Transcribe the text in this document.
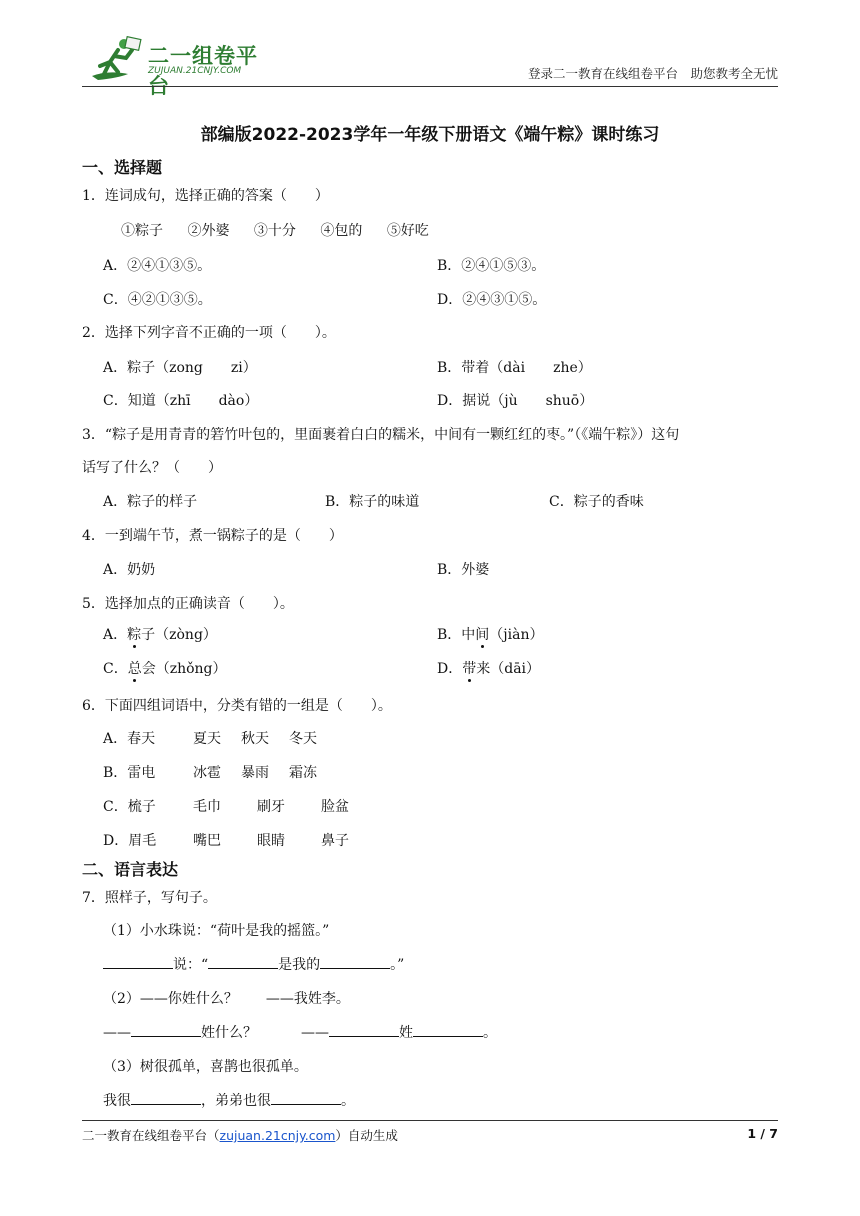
二一组卷平台
ZUJUAN.21CNJY.COM	登录二一教育在线组卷平台　助您教考全无忧
部编版2022-2023学年一年级下册语文《端午粽》课时练习
一、选择题
1．连词成句，选择正确的答案（　　）
①粽子 ②外婆 ③十分 ④包的 ⑤好吃
A．②④①③⑤。	B．②④①⑤③。
C．④②①③⑤。	D．②④③①⑤。
2．选择下列字音不正确的一项（　　）。
A．粽子（zong　　zi）	B．带着（dài　　zhe）
C．知道（zhī　　dào）	D．据说（jù　　shuō）
3．“粽子是用青青的箬竹叶包的，里面裹着白白的糯米，中间有一颗红红的枣。”（《端午粽》）这句
话写了什么？（　　）
A．粽子的样子	B．粽子的味道	C．粽子的香味
4．一到端午节，煮一锅粽子的是（　　）
A．奶奶	B．外婆
5．选择加点的正确读音（　　）。
A．粽子（zòng）	B．中间（jiàn）
C．总会（zhǒng）	D．带来（dāi）
6．下面四组词语中，分类有错的一组是（　　）。
A．春天	夏天 秋天 冬天
B．雷电	冰雹 暴雨 霜冻
C．梳子	毛巾	刷牙	脸盆
D．眉毛	嘴巴	眼睛	鼻子
二、语言表达
7．照样子，写句子。
（1）小水珠说：“荷叶是我的摇篮。”
说：“	是我的	。”
（2）——你姓什么？　　——我姓李。
——	姓什么？	——	姓	。
（3）树很孤单，喜鹊也很孤单。
我很	，弟弟也很	。
二一教育在线组卷平台（zujuan.21cnjy.com）自动生成	1 / 7
